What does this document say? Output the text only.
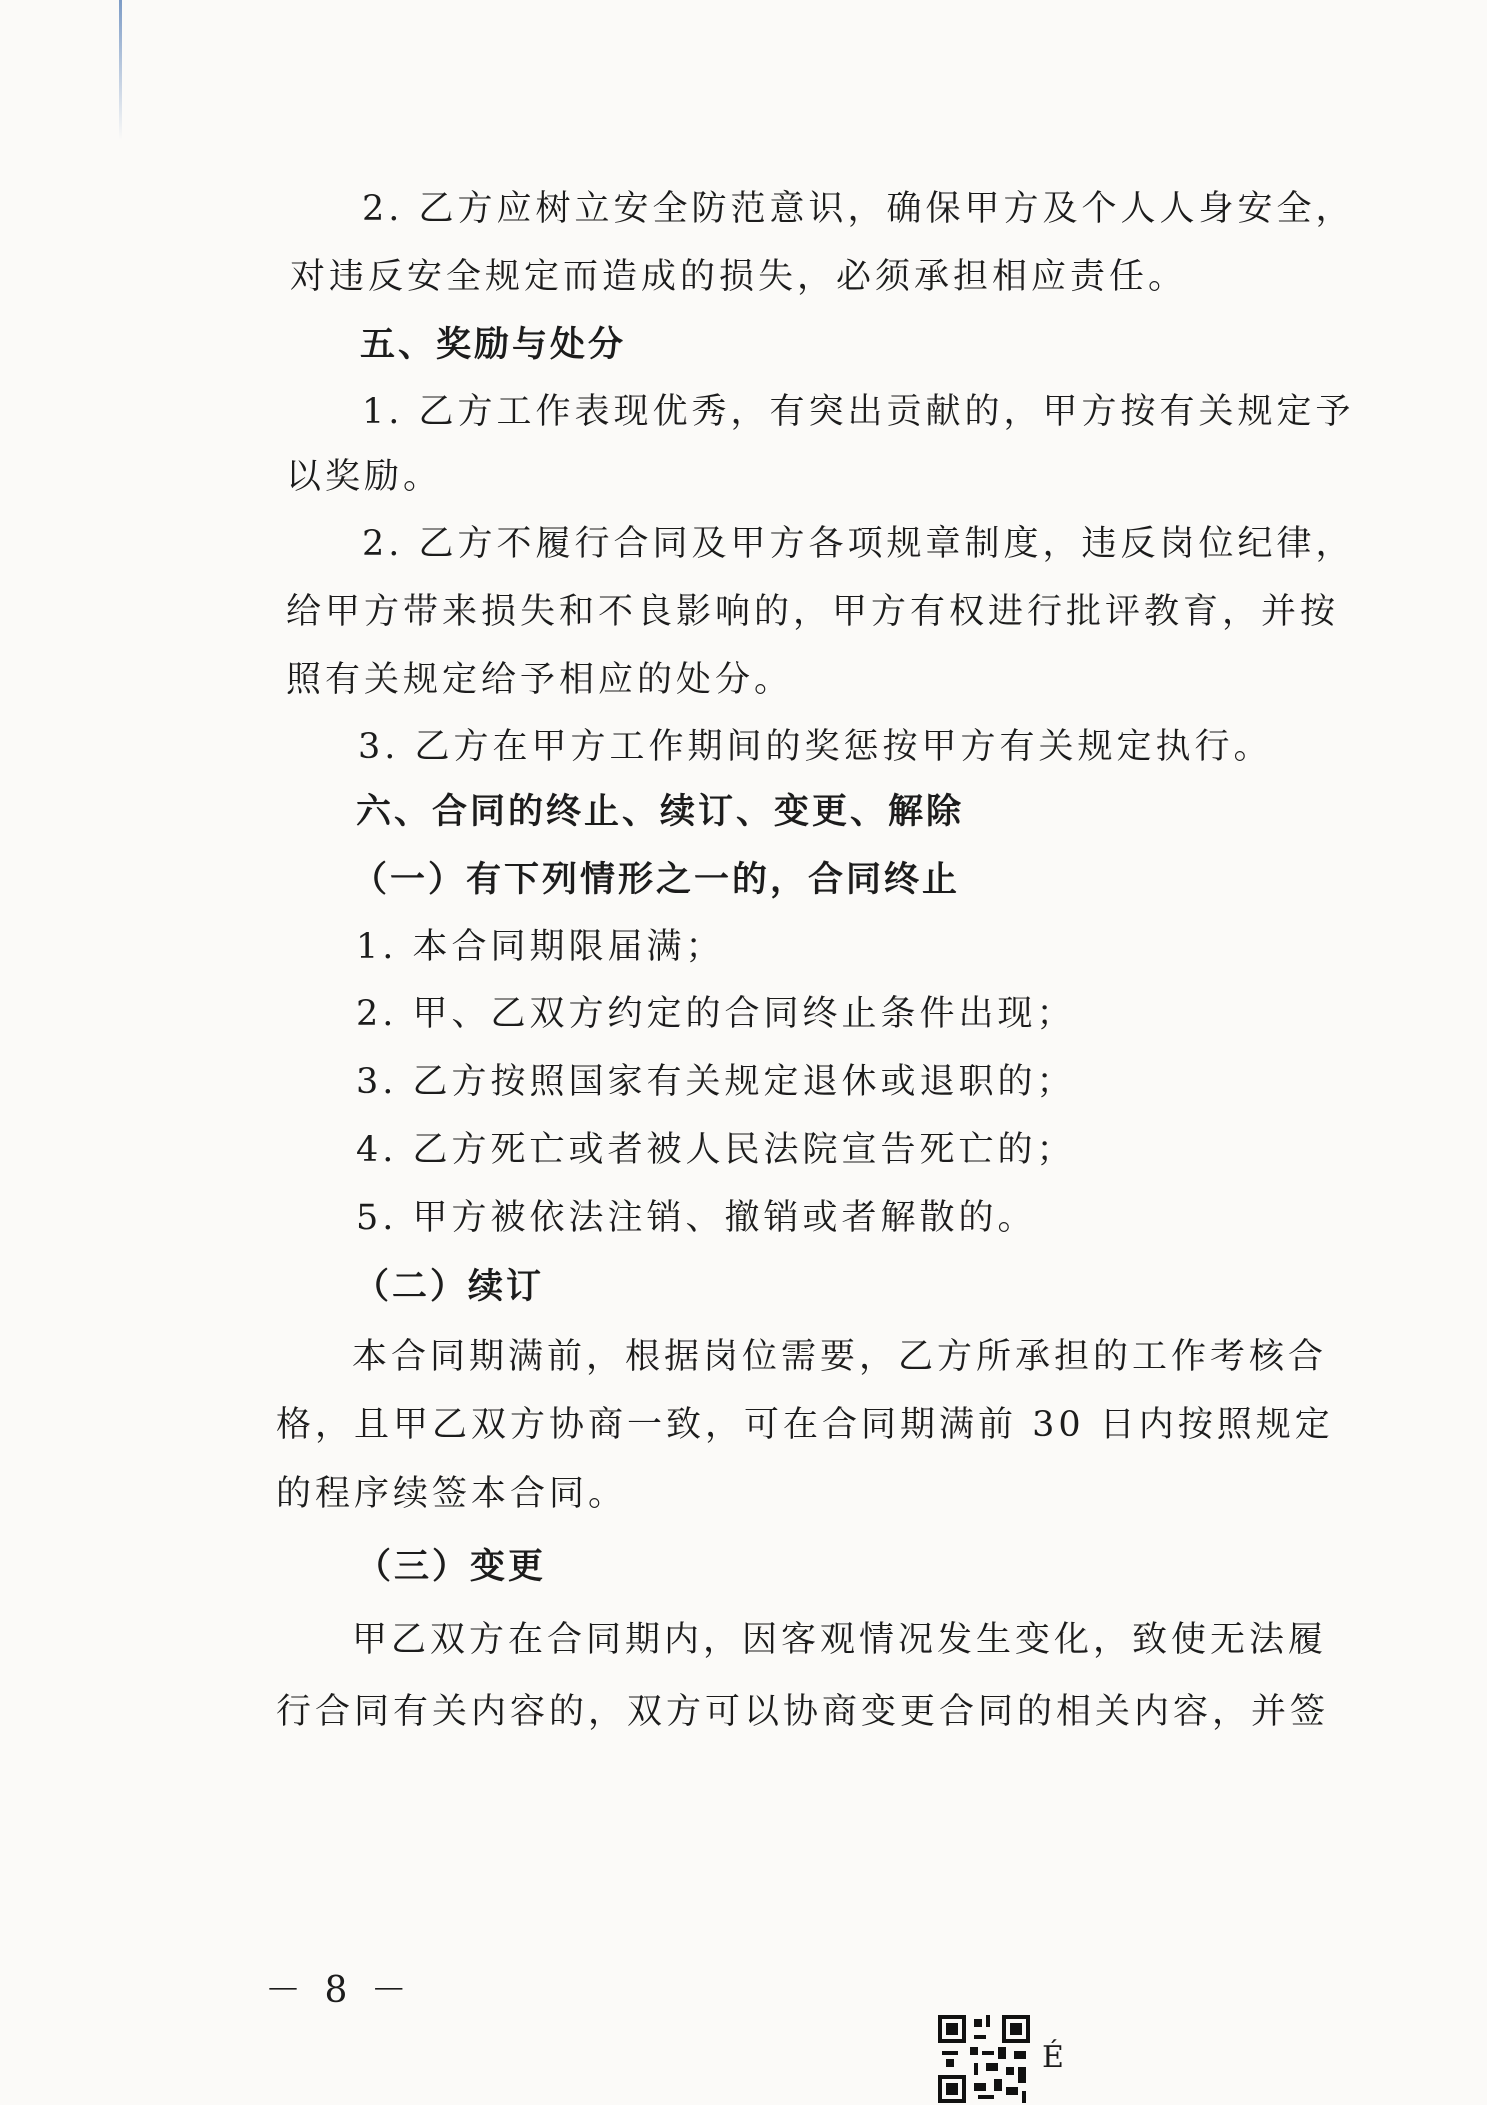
2. 乙方应树立安全防范意识，确保甲方及个人人身安全，

对违反安全规定而造成的损失，必须承担相应责任。

五、奖励与处分

1. 乙方工作表现优秀，有突出贡献的，甲方按有关规定予

以奖励。

2. 乙方不履行合同及甲方各项规章制度，违反岗位纪律，

给甲方带来损失和不良影响的，甲方有权进行批评教育，并按

照有关规定给予相应的处分。

3. 乙方在甲方工作期间的奖惩按甲方有关规定执行。

六、合同的终止、续订、变更、解除

（一）有下列情形之一的，合同终止

1. 本合同期限届满；

2. 甲、乙双方约定的合同终止条件出现；

3. 乙方按照国家有关规定退休或退职的；

4. 乙方死亡或者被人民法院宣告死亡的；

5. 甲方被依法注销、撤销或者解散的。

（二）续订

本合同期满前，根据岗位需要，乙方所承担的工作考核合

格，且甲乙双方协商一致，可在合同期满前 30 日内按照规定

的程序续签本合同。

（三）变更

甲乙双方在合同期内，因客观情况发生变化，致使无法履

行合同有关内容的，双方可以协商变更合同的相关内容，并签

－ 8 －

É
